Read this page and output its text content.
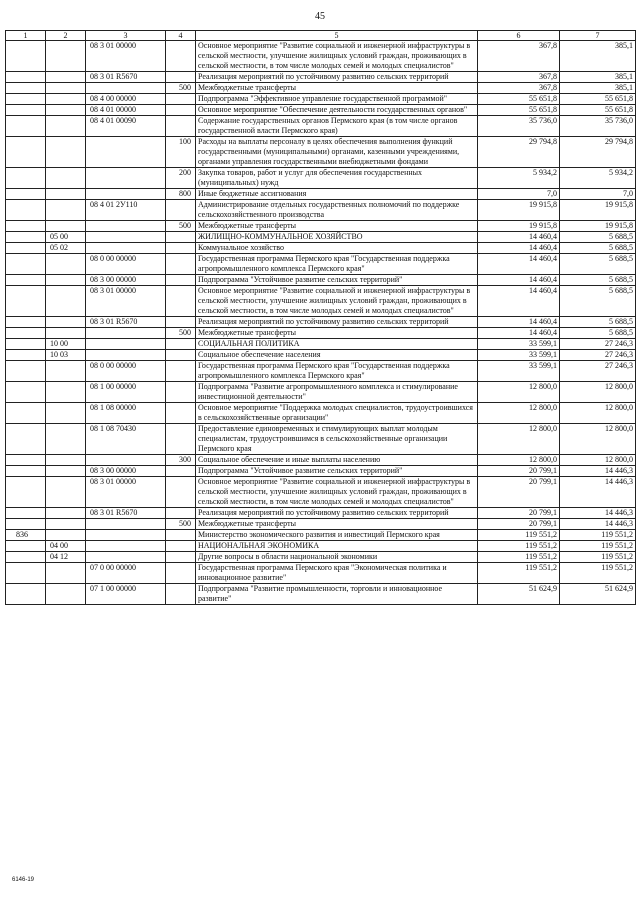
45
1	2	3	4	5	6	7
		08 3 01 00000		Основное мероприятие "Развитие социальной и инженерной инфраструктуры в сельской местности, улучшение жилищных условий граждан, проживающих в сельской местности, в том числе молодых семей и молодых специалистов"	367,8	385,1
		08 3 01 R5670		Реализация мероприятий по устойчивому развитию сельских территорий	367,8	385,1
			500	Межбюджетные трансферты	367,8	385,1
		08 4 00 00000		Подпрограмма "Эффективное управление государственной программой"	55 651,8	55 651,8
		08 4 01 00000		Основное мероприятие "Обеспечение деятельности государственных органов"	55 651,8	55 651,8
		08 4 01 00090		Содержание государственных органов Пермского края (в том числе органов государственной власти Пермского края)	35 736,0	35 736,0
			100	Расходы на выплаты персоналу в целях обеспечения выполнения функций государственными (муниципальными) органами, казенными учреждениями, органами управления государственными внебюджетными фондами	29 794,8	29 794,8
			200	Закупка товаров, работ и услуг для обеспечения государственных (муниципальных) нужд	5 934,2	5 934,2
			800	Иные бюджетные ассигнования	7,0	7,0
		08 4 01 2У110		Администрирование отдельных государственных полномочий по поддержке сельскохозяйственного производства	19 915,8	19 915,8
			500	Межбюджетные трансферты	19 915,8	19 915,8
	05 00			ЖИЛИЩНО-КОММУНАЛЬНОЕ ХОЗЯЙСТВО	14 460,4	5 688,5
	05 02			Коммунальное хозяйство	14 460,4	5 688,5
		08 0 00 00000		Государственная программа Пермского края "Государственная поддержка агропромышленного комплекса Пермского края"	14 460,4	5 688,5
		08 3 00 00000		Подпрограмма "Устойчивое развитие сельских территорий"	14 460,4	5 688,5
		08 3 01 00000		Основное мероприятие "Развитие социальной и инженерной инфраструктуры в сельской местности, улучшение жилищных условий граждан, проживающих в сельской местности, в том числе молодых семей и молодых специалистов"	14 460,4	5 688,5
		08 3 01 R5670		Реализация мероприятий по устойчивому развитию сельских территорий	14 460,4	5 688,5
			500	Межбюджетные трансферты	14 460,4	5 688,5
	10 00			СОЦИАЛЬНАЯ ПОЛИТИКА	33 599,1	27 246,3
	10 03			Социальное обеспечение населения	33 599,1	27 246,3
		08 0 00 00000		Государственная программа Пермского края "Государственная поддержка агропромышленного комплекса Пермского края"	33 599,1	27 246,3
		08 1 00 00000		Подпрограмма "Развитие агропромышленного комплекса и стимулирование инвестиционной деятельности"	12 800,0	12 800,0
		08 1 08 00000		Основное мероприятие "Поддержка молодых специалистов, трудоустроившихся в сельскохозяйственные организации"	12 800,0	12 800,0
		08 1 08 70430		Предоставление единовременных и стимулирующих выплат молодым специалистам, трудоустроившимся в сельскохозяйственные организации Пермского края	12 800,0	12 800,0
			300	Социальное обеспечение и иные выплаты населению	12 800,0	12 800,0
		08 3 00 00000		Подпрограмма "Устойчивое развитие сельских территорий"	20 799,1	14 446,3
		08 3 01 00000		Основное мероприятие "Развитие социальной и инженерной инфраструктуры в сельской местности, улучшение жилищных условий граждан, проживающих в сельской местности, в том числе молодых семей и молодых специалистов"	20 799,1	14 446,3
		08 3 01 R5670		Реализация мероприятий по устойчивому развитию сельских территорий	20 799,1	14 446,3
			500	Межбюджетные трансферты	20 799,1	14 446,3
836				Министерство экономического развития и инвестиций Пермского края	119 551,2	119 551,2
	04 00			НАЦИОНАЛЬНАЯ ЭКОНОМИКА	119 551,2	119 551,2
	04 12			Другие вопросы в области национальной экономики	119 551,2	119 551,2
		07 0 00 00000		Государственная программа Пермского края "Экономическая политика и инновационное развитие"	119 551,2	119 551,2
		07 1 00 00000		Подпрограмма "Развитие промышленности, торговли и инновационное развитие"	51 624,9	51 624,9
6146-19
